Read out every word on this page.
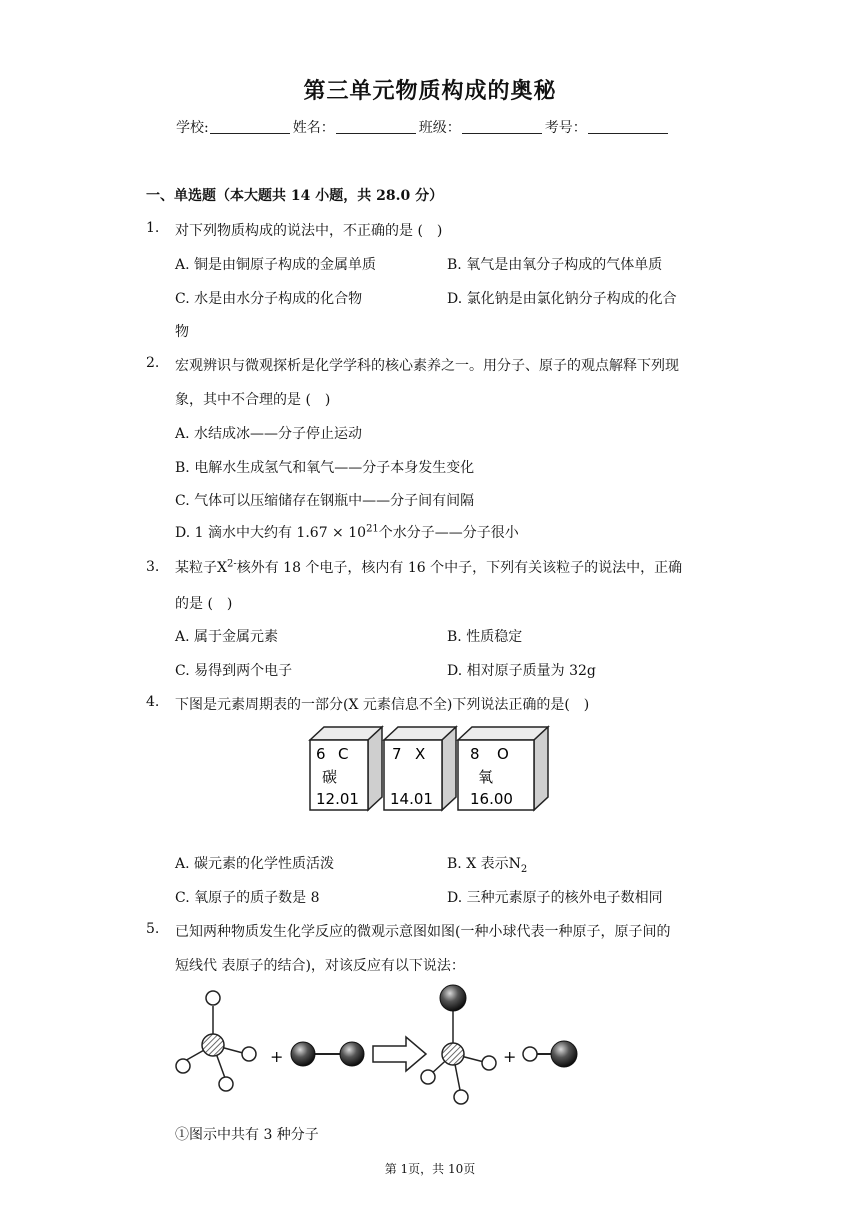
第三单元物质构成的奥秘
学校:	姓名：	班级：	考号：
一、单选题（本大题共 14 小题，共 28.0 分）
1. 对下列物质构成的说法中，不正确的是 (　)
A. 铜是由铜原子构成的金属单质	B. 氧气是由氧分子构成的气体单质
C. 水是由水分子构成的化合物	D. 氯化钠是由氯化钠分子构成的化合
物
2. 宏观辨识与微观探析是化学学科的核心素养之一。用分子、原子的观点解释下列现
象，其中不合理的是 (　)
A. 水结成冰——分子停止运动
B. 电解水生成氢气和氧气——分子本身发生变化
C. 气体可以压缩储存在钢瓶中——分子间有间隔
D. 1 滴水中大约有 $1.67 \times 10^{21}$个水分子——分子很小
3. 某粒子$X^{2-}$核外有 18 个电子，核内有 16 个中子，下列有关该粒子的说法中，正确
的是 (　)
A. 属于金属元素	B. 性质稳定
C. 易得到两个电子	D. 相对原子质量为 32g
4. 下图是元素周期表的一部分(X 元素信息不全)下列说法正确的是(　)
6 C
碳
12.01
7 X
14.01
8 O
氧
16.00
A. 碳元素的化学性质活泼	B. X 表示$N_2$
C. 氧原子的质子数是 8	D. 三种元素原子的核外电子数相同
5. 已知两种物质发生化学反应的微观示意图如图(一种小球代表一种原子，原子间的
短线代 表原子的结合)，对该反应有以下说法：
+	+
①图示中共有 3 种分子
第 1页，共 10页
